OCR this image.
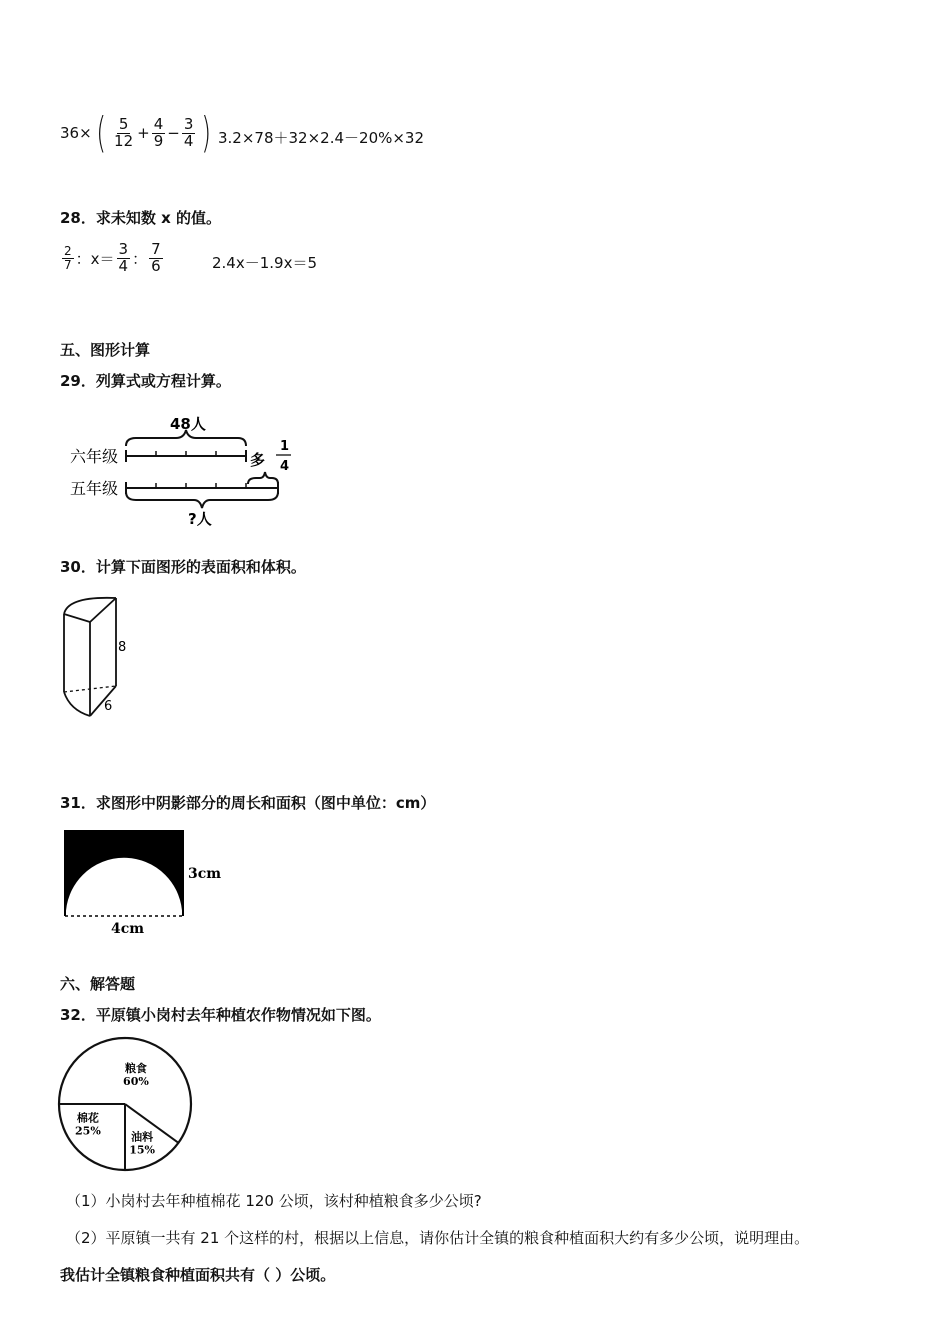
36× ( $\frac{5}{12} + \frac{4}{9} - \frac{3}{4}$ ) 3.2×78＋32×2.4－20%×32
28．求未知数 x 的值。
$\frac{2}{7}$ ：$x= \frac{3}{4}$ ： $\frac{7}{6}$	2.4x－1.9x＝5
五、图形计算
29．列算式或方程计算。
48人
六年级	多
1
4
五年级
?人
30．计算下面图形的表面积和体积。
8
6
31．求图形中阴影部分的周长和面积（图中单位：cm）
3cm
4cm
六、解答题
32．平原镇小岗村去年种植农作物情况如下图。
粮食
60%
油料
15%
棉花
25%
（1）小岗村去年种植棉花 120 公顷，该村种植粮食多少公顷?
（2）平原镇一共有 21 个这样的村，根据以上信息，请你估计全镇的粮食种植面积大约有多少公顷，说明理由。
我估计全镇粮食种植面积共有（ ）公顷。
